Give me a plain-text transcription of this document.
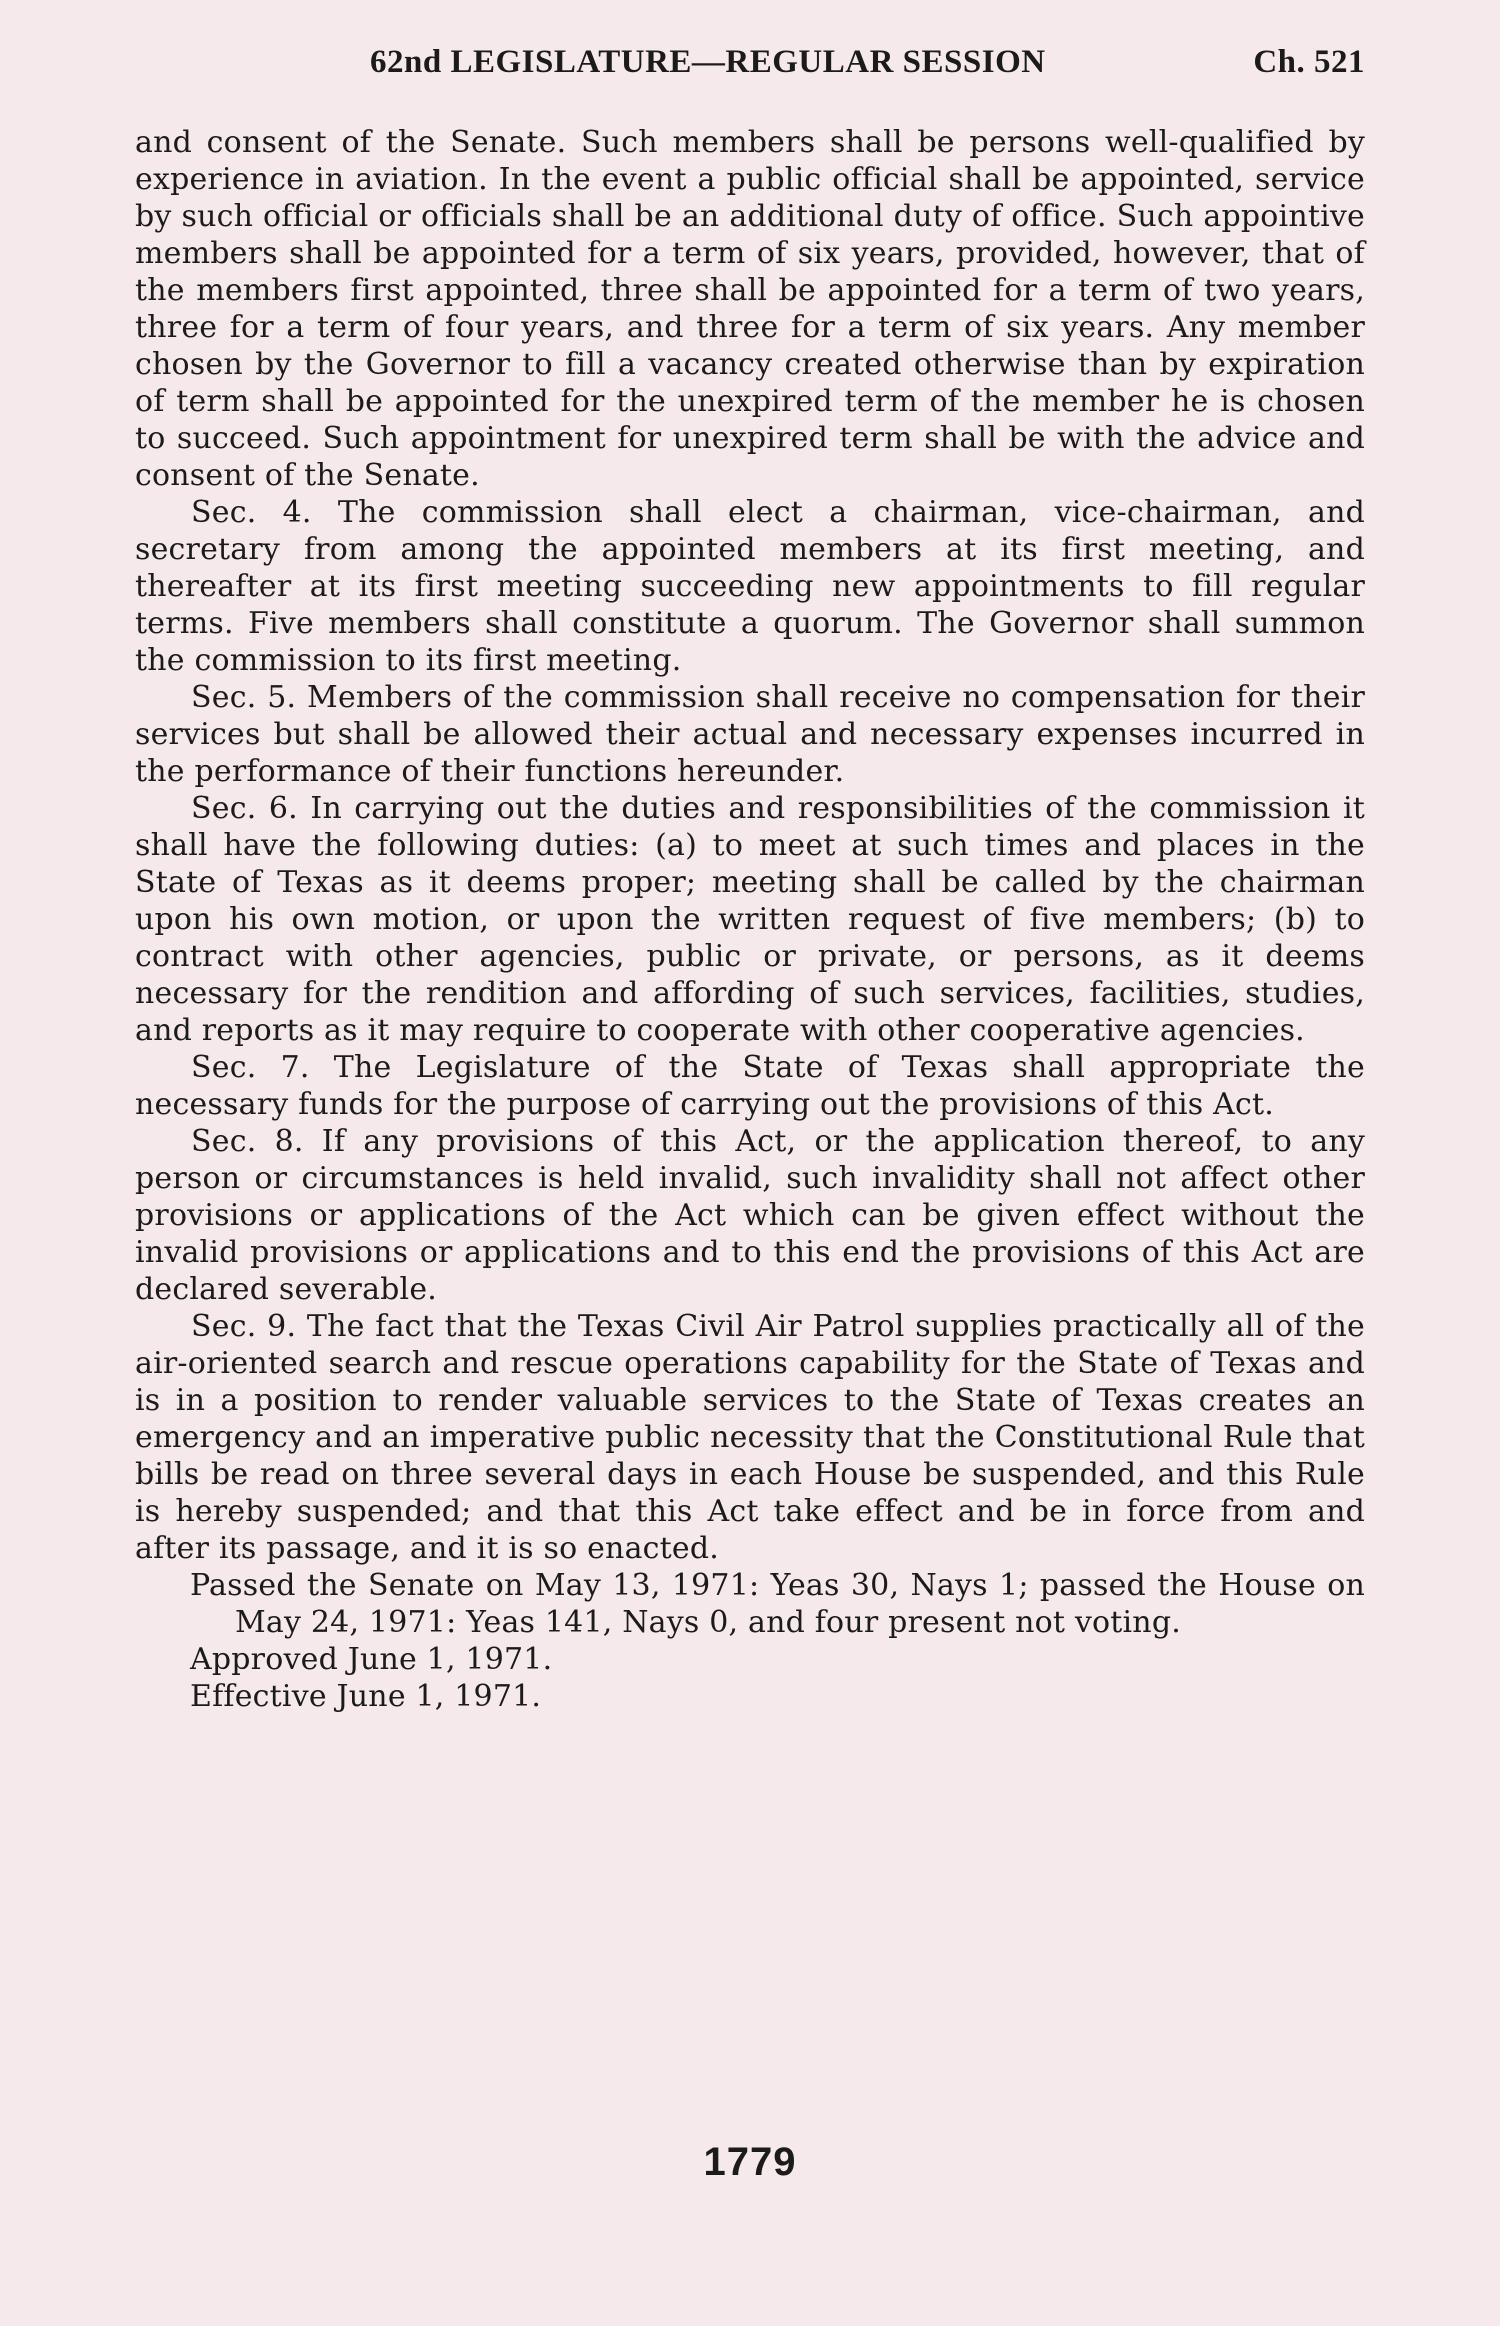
62nd LEGISLATURE—REGULAR SESSION	Ch. 521

and consent of the Senate. Such members shall be persons well-qualified by experience in aviation. In the event a public official shall be appointed, service by such official or officials shall be an additional duty of office. Such appointive members shall be appointed for a term of six years, provided, however, that of the members first appointed, three shall be appointed for a term of two years, three for a term of four years, and three for a term of six years. Any member chosen by the Governor to fill a vacancy created otherwise than by expiration of term shall be appointed for the unexpired term of the member he is chosen to succeed. Such appointment for unexpired term shall be with the advice and consent of the Senate.

Sec. 4. The commission shall elect a chairman, vice-chairman, and secretary from among the appointed members at its first meeting, and thereafter at its first meeting succeeding new appointments to fill regular terms. Five members shall constitute a quorum. The Governor shall summon the commission to its first meeting.

Sec. 5. Members of the commission shall receive no compensation for their services but shall be allowed their actual and necessary expenses incurred in the performance of their functions hereunder.

Sec. 6. In carrying out the duties and responsibilities of the commission it shall have the following duties: (a) to meet at such times and places in the State of Texas as it deems proper; meeting shall be called by the chairman upon his own motion, or upon the written request of five members; (b) to contract with other agencies, public or private, or persons, as it deems necessary for the rendition and affording of such services, facilities, studies, and reports as it may require to cooperate with other cooperative agencies.

Sec. 7. The Legislature of the State of Texas shall appropriate the necessary funds for the purpose of carrying out the provisions of this Act.

Sec. 8. If any provisions of this Act, or the application thereof, to any person or circumstances is held invalid, such invalidity shall not affect other provisions or applications of the Act which can be given effect without the invalid provisions or applications and to this end the provisions of this Act are declared severable.

Sec. 9. The fact that the Texas Civil Air Patrol supplies practically all of the air-oriented search and rescue operations capability for the State of Texas and is in a position to render valuable services to the State of Texas creates an emergency and an imperative public necessity that the Constitutional Rule that bills be read on three several days in each House be suspended, and this Rule is hereby suspended; and that this Act take effect and be in force from and after its passage, and it is so enacted.

Passed the Senate on May 13, 1971: Yeas 30, Nays 1; passed the House on May 24, 1971: Yeas 141, Nays 0, and four present not voting.

Approved June 1, 1971.

Effective June 1, 1971.

1779
